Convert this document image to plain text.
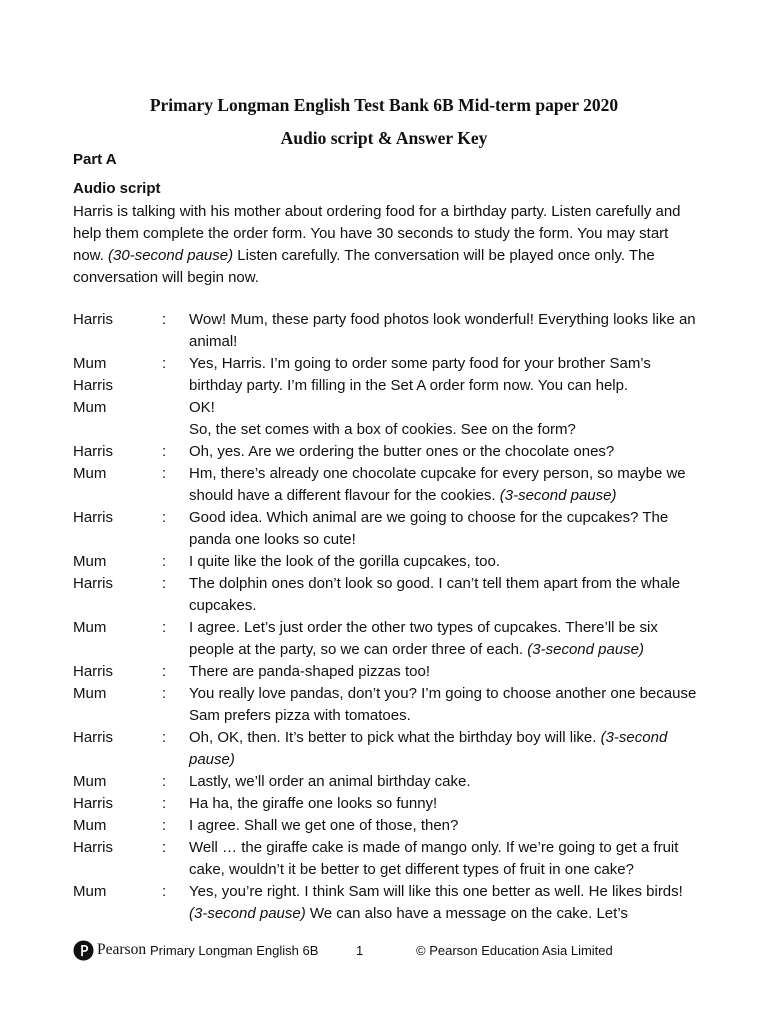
Primary Longman English Test Bank 6B Mid-term paper 2020
Audio script & Answer Key
Part A
Audio script
Harris is talking with his mother about ordering food for a birthday party. Listen carefully and help them complete the order form. You have 30 seconds to study the form. You may start now. (30-second pause) Listen carefully. The conversation will be played once only. The conversation will begin now.
Harris	:	Wow! Mum, these party food photos look wonderful! Everything looks like an animal!
Mum	:	Yes, Harris. I’m going to order some party food for your brother Sam’s
Harris	birthday party. I’m filling in the Set A order form now. You can help.
Mum	OK!
So, the set comes with a box of cookies. See on the form?
Harris	:	Oh, yes. Are we ordering the butter ones or the chocolate ones?
Mum	:	Hm, there’s already one chocolate cupcake for every person, so maybe we should have a different flavour for the cookies. (3-second pause)
Harris	:	Good idea. Which animal are we going to choose for the cupcakes? The panda one looks so cute!
Mum	:	I quite like the look of the gorilla cupcakes, too.
Harris	:	The dolphin ones don’t look so good. I can’t tell them apart from the whale cupcakes.
Mum	:	I agree. Let’s just order the other two types of cupcakes. There’ll be six people at the party, so we can order three of each. (3-second pause)
Harris	:	There are panda-shaped pizzas too!
Mum	:	You really love pandas, don’t you? I’m going to choose another one because Sam prefers pizza with tomatoes.
Harris	:	Oh, OK, then. It’s better to pick what the birthday boy will like. (3-second pause)
Mum	:	Lastly, we’ll order an animal birthday cake.
Harris	:	Ha ha, the giraffe one looks so funny!
Mum	:	I agree. Shall we get one of those, then?
Harris	:	Well … the giraffe cake is made of mango only. If we’re going to get a fruit cake, wouldn’t it be better to get different types of fruit in one cake?
Mum	:	Yes, you’re right. I think Sam will like this one better as well. He likes birds! (3-second pause) We can also have a message on the cake. Let’s
Pearson Primary Longman English 6B	1	© Pearson Education Asia Limited
